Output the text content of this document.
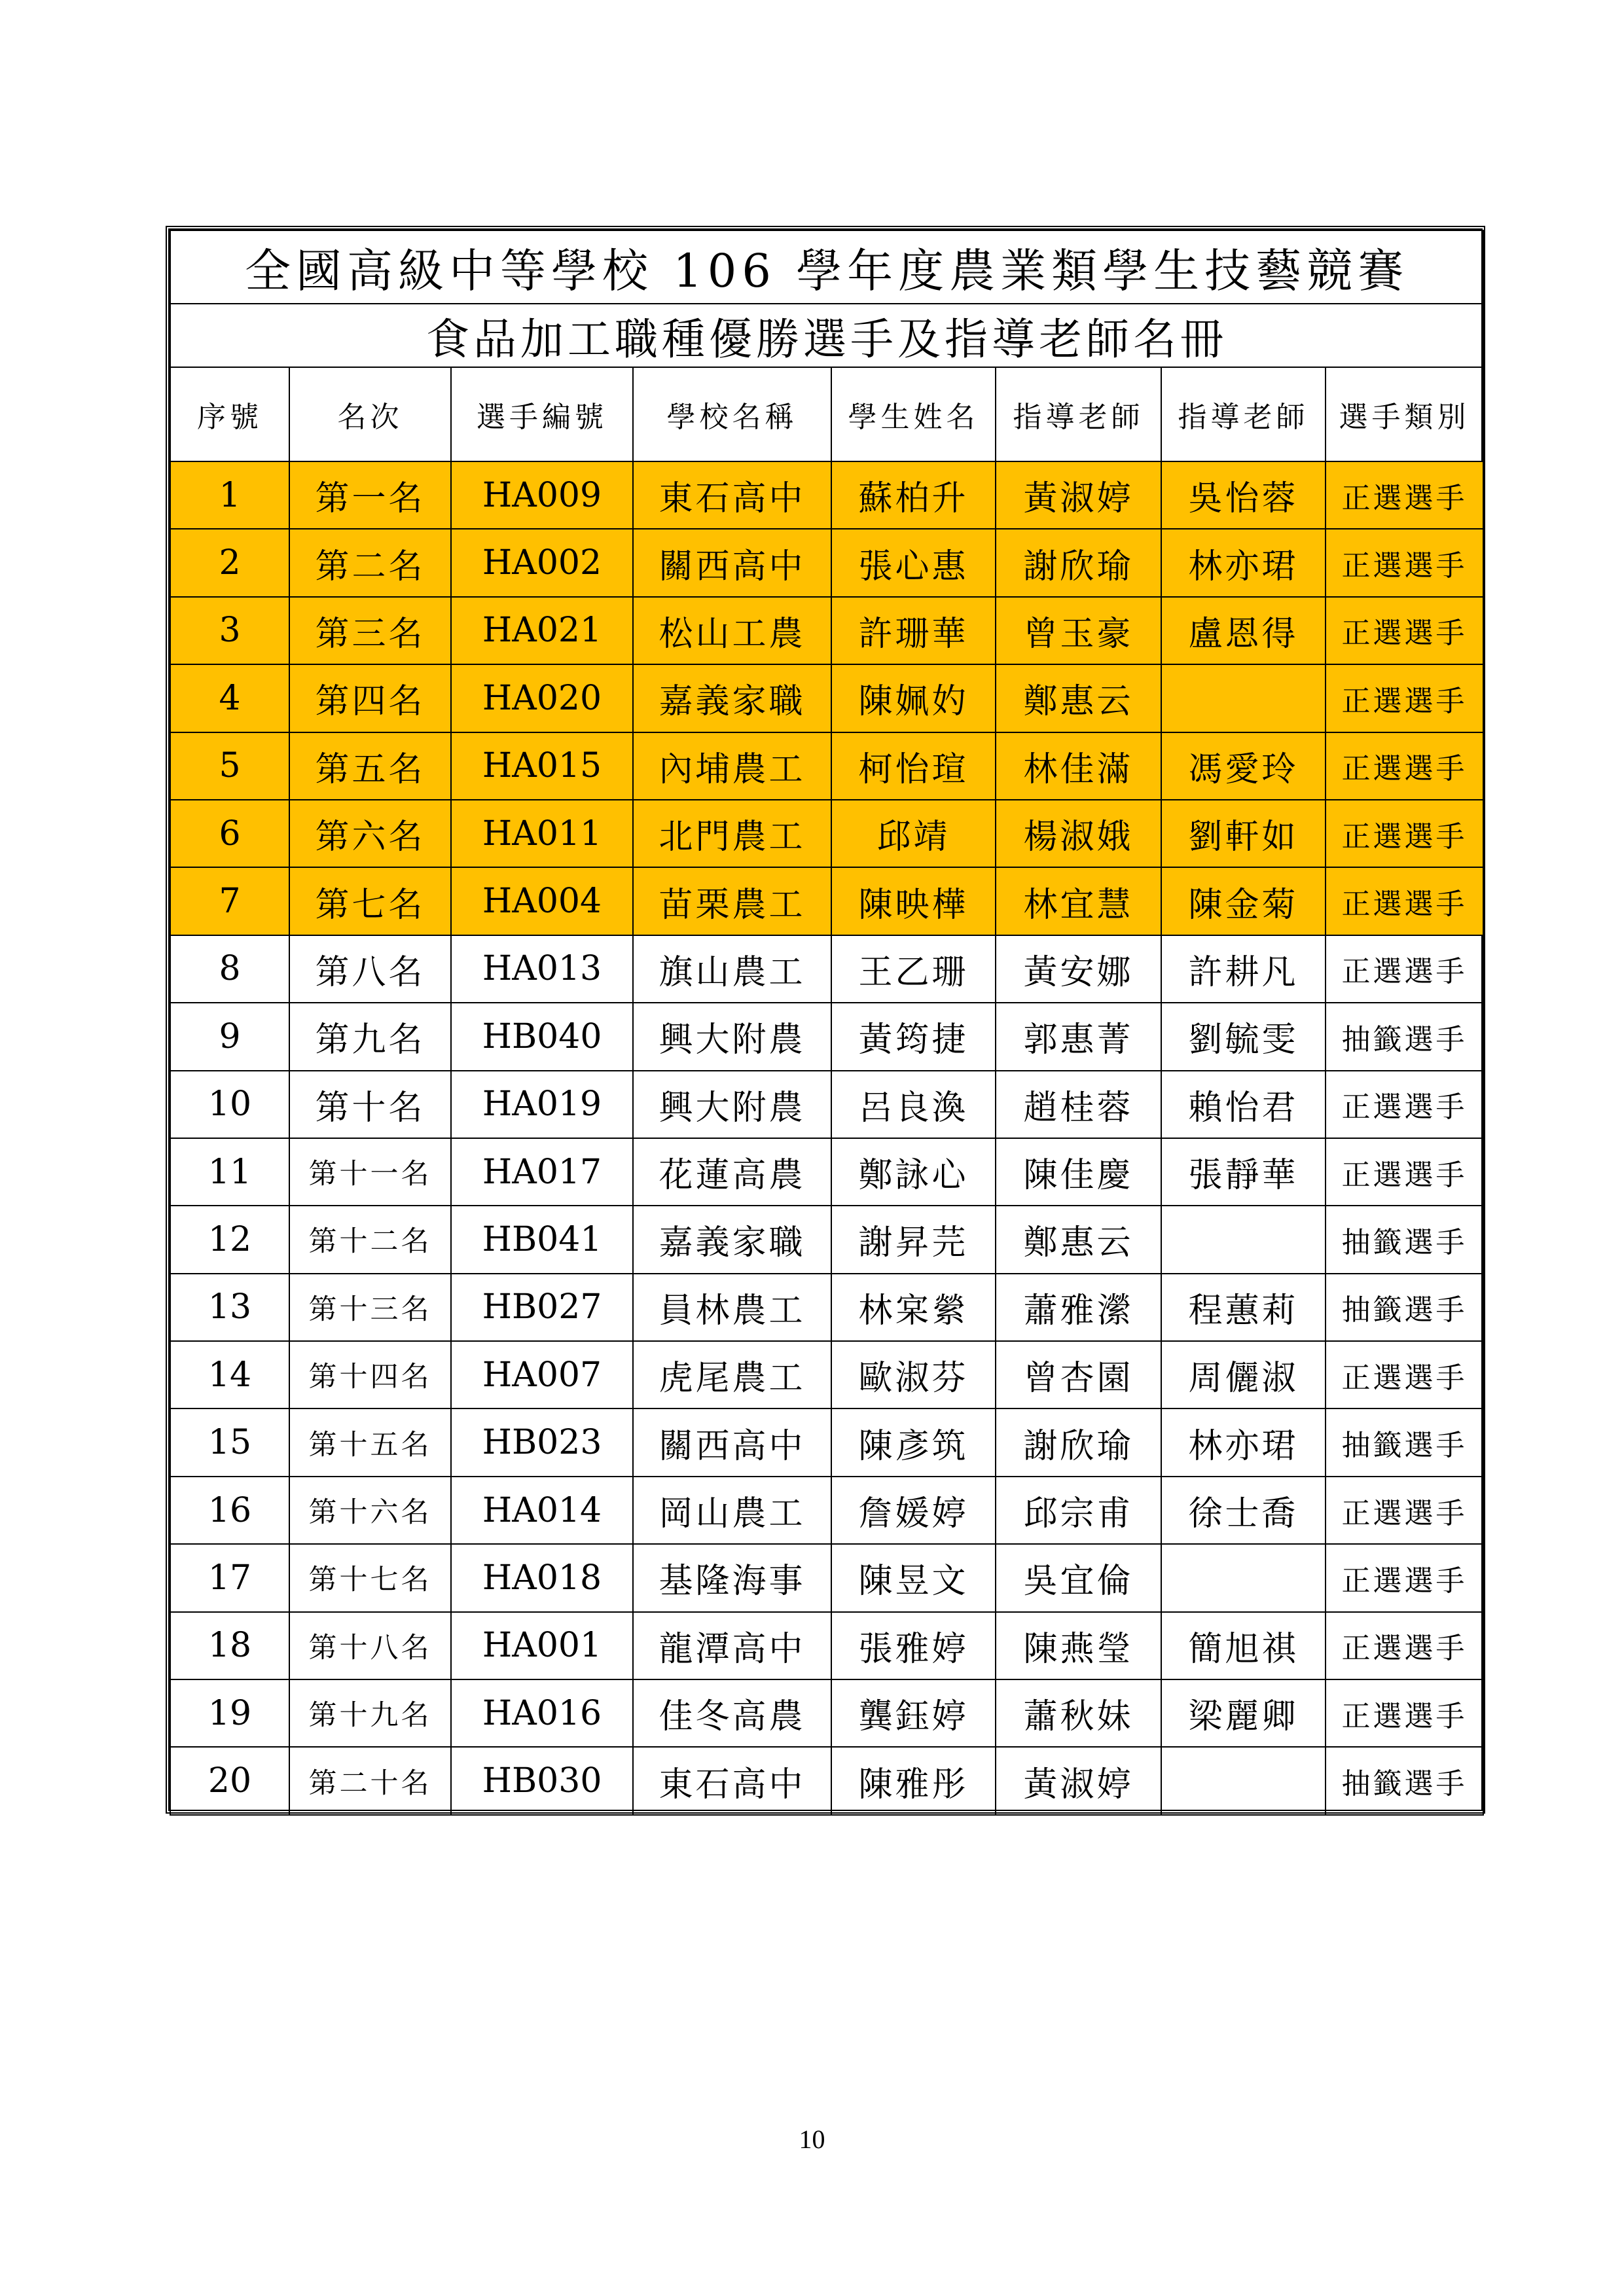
全國高級中等學校 106 學年度農業類學生技藝競賽							
食品加工職種優勝選手及指導老師名冊							
序號	名次	選手編號	學校名稱	學生姓名	指導老師	指導老師	選手類別
1	第一名	HA009	東石高中	蘇柏升	黃淑婷	吳怡蓉	正選選手
2	第二名	HA002	關西高中	張心惠	謝欣瑜	林亦珺	正選選手
3	第三名	HA021	松山工農	許珊華	曾玉豪	盧恩得	正選選手
4	第四名	HA020	嘉義家職	陳姵妁	鄭惠云		正選選手
5	第五名	HA015	內埔農工	柯怡瑄	林佳滿	馮愛玲	正選選手
6	第六名	HA011	北門農工	邱靖	楊淑娥	劉軒如	正選選手
7	第七名	HA004	苗栗農工	陳映樺	林宜慧	陳金菊	正選選手
8	第八名	HA013	旗山農工	王乙珊	黃安娜	許耕凡	正選選手
9	第九名	HB040	興大附農	黃筠捷	郭惠菁	劉毓雯	抽籤選手
10	第十名	HA019	興大附農	呂良渙	趙桂蓉	賴怡君	正選選手
11	第十一名	HA017	花蓮高農	鄭詠心	陳佳慶	張靜華	正選選手
12	第十二名	HB041	嘉義家職	謝昇芫	鄭惠云		抽籤選手
13	第十三名	HB027	員林農工	林宲縈	蕭雅瀠	程蕙莉	抽籤選手
14	第十四名	HA007	虎尾農工	歐淑芬	曾杏園	周儷淑	正選選手
15	第十五名	HB023	關西高中	陳彥筑	謝欣瑜	林亦珺	抽籤選手
16	第十六名	HA014	岡山農工	詹媛婷	邱宗甫	徐士喬	正選選手
17	第十七名	HA018	基隆海事	陳昱文	吳宜倫		正選選手
18	第十八名	HA001	龍潭高中	張雅婷	陳燕瑩	簡旭祺	正選選手
19	第十九名	HA016	佳冬高農	龔鈺婷	蕭秋妹	梁麗卿	正選選手
20	第二十名	HB030	東石高中	陳雅彤	黃淑婷		抽籤選手
10
